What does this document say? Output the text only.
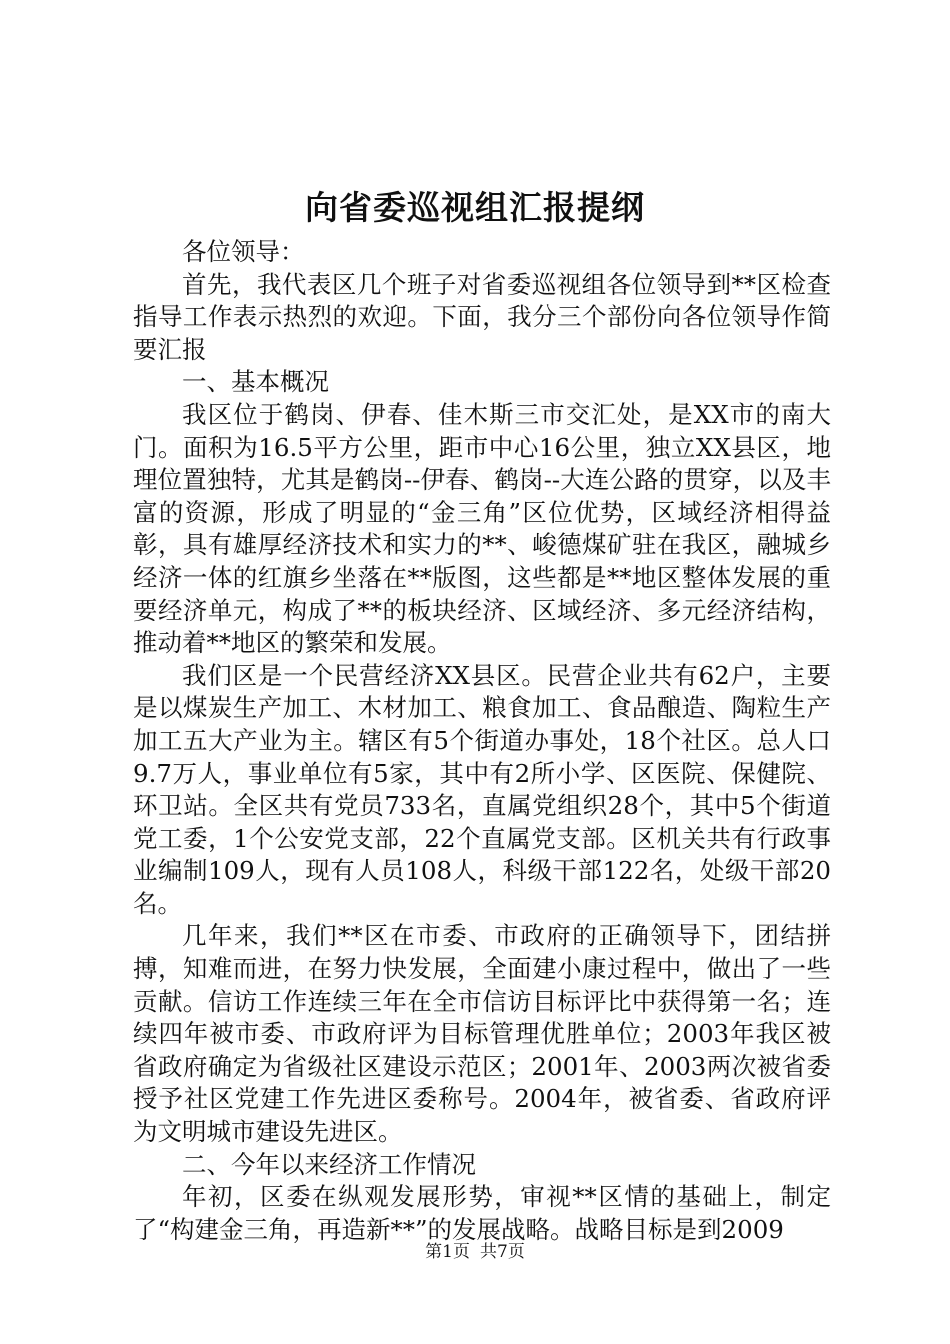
向省委巡视组汇报提纲

各位领导：

首先，我代表区几个班子对省委巡视组各位领导到**区检查指导工作表示热烈的欢迎。下面，我分三个部份向各位领导作简要汇报

一、基本概况

我区位于鹤岗、伊春、佳木斯三市交汇处，是XX市的南大门。面积为16.5平方公里，距市中心16公里，独立XX县区，地理位置独特，尤其是鹤岗--伊春、鹤岗--大连公路的贯穿，以及丰富的资源，形成了明显的“金三角”区位优势，区域经济相得益彰，具有雄厚经济技术和实力的**、峻德煤矿驻在我区，融城乡经济一体的红旗乡坐落在**版图，这些都是**地区整体发展的重要经济单元，构成了**的板块经济、区域经济、多元经济结构，推动着**地区的繁荣和发展。

我们区是一个民营经济XX县区。民营企业共有62户，主要是以煤炭生产加工、木材加工、粮食加工、食品酿造、陶粒生产加工五大产业为主。辖区有5个街道办事处，18个社区。总人口9.7万人，事业单位有5家，其中有2所小学、区医院、保健院、环卫站。全区共有党员733名，直属党组织28个，其中5个街道党工委，1个公安党支部，22个直属党支部。区机关共有行政事业编制109人，现有人员108人，科级干部122名，处级干部20名。

几年来，我们**区在市委、市政府的正确领导下，团结拼搏，知难而进，在努力快发展，全面建小康过程中，做出了一些贡献。信访工作连续三年在全市信访目标评比中获得第一名；连续四年被市委、市政府评为目标管理优胜单位；2003年我区被省政府确定为省级社区建设示范区；2001年、2003两次被省委授予社区党建工作先进区委称号。2004年，被省委、省政府评为文明城市建设先进区。

二、今年以来经济工作情况

年初，区委在纵观发展形势，审视**区情的基础上，制定了“构建金三角，再造新**”的发展战略。战略目标是到2009

第1页 共7页
